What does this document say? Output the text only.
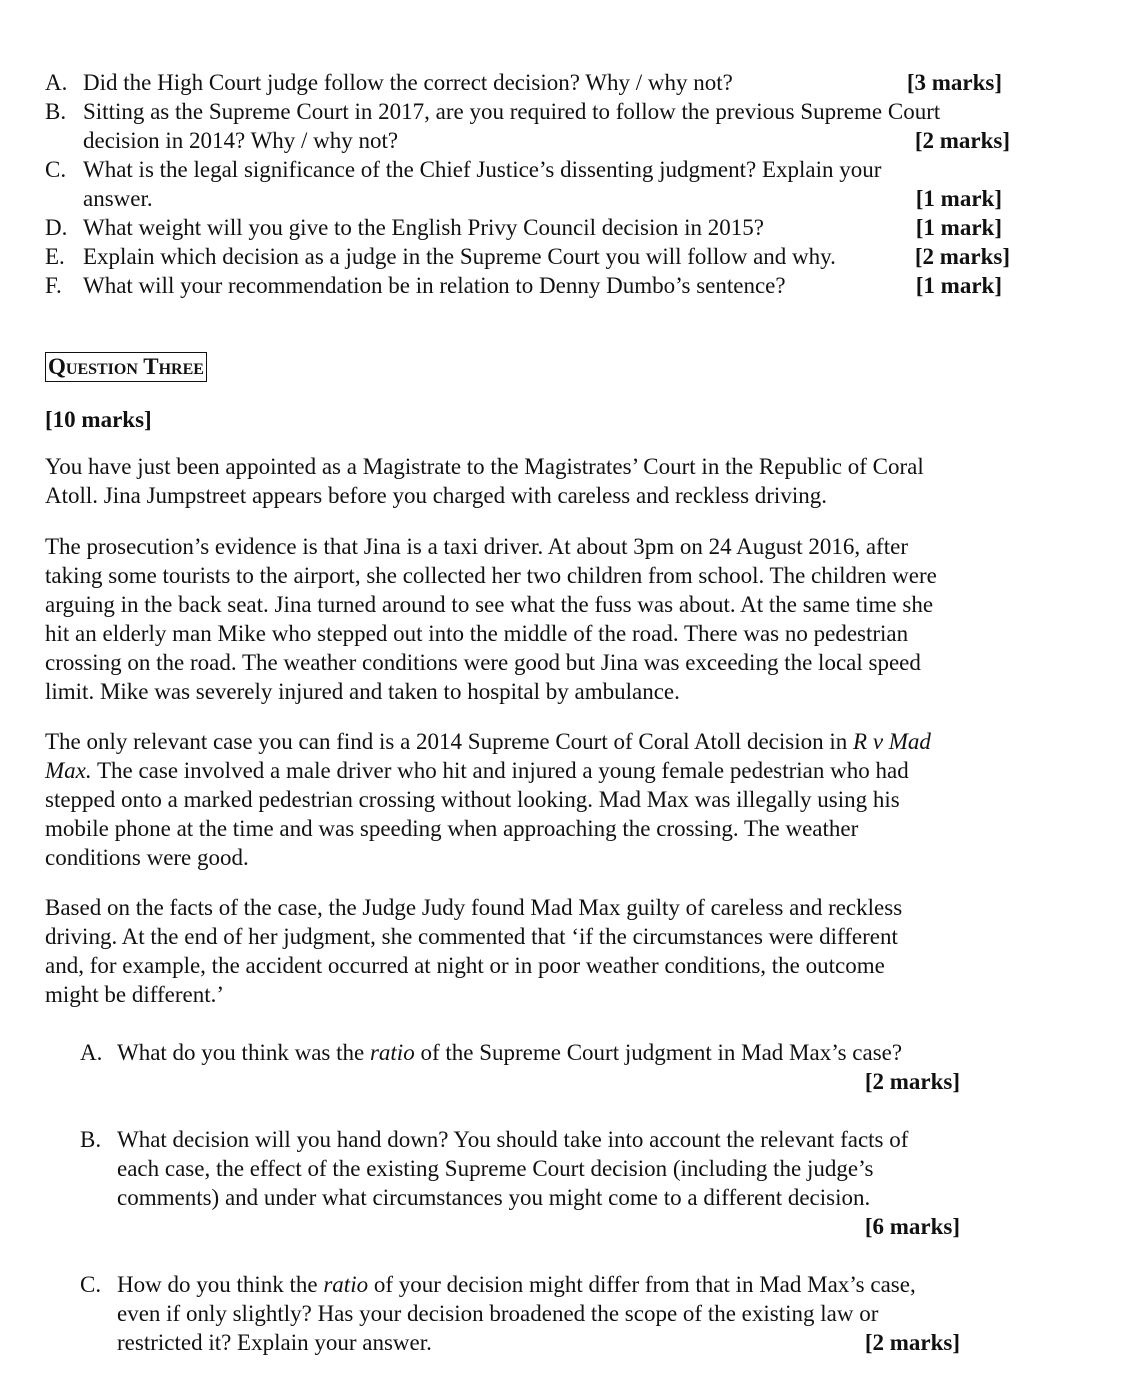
A. Did the High Court judge follow the correct decision? Why / why not?	[3 marks]
B. Sitting as the Supreme Court in 2017, are you required to follow the previous Supreme Court
decision in 2014? Why / why not?	[2 marks]
C. What is the legal significance of the Chief Justice’s dissenting judgment? Explain your
answer.	[1 mark]
D. What weight will you give to the English Privy Council decision in 2015?	[1 mark]
E. Explain which decision as a judge in the Supreme Court you will follow and why.	[2 marks]
F. What will your recommendation be in relation to Denny Dumbo’s sentence?	[1 mark]
Question Three
[10 marks]
You have just been appointed as a Magistrate to the Magistrates’ Court in the Republic of Coral
Atoll. Jina Jumpstreet appears before you charged with careless and reckless driving.
The prosecution’s evidence is that Jina is a taxi driver. At about 3pm on 24 August 2016, after
taking some tourists to the airport, she collected her two children from school. The children were
arguing in the back seat. Jina turned around to see what the fuss was about. At the same time she
hit an elderly man Mike who stepped out into the middle of the road. There was no pedestrian
crossing on the road. The weather conditions were good but Jina was exceeding the local speed
limit. Mike was severely injured and taken to hospital by ambulance.
The only relevant case you can find is a 2014 Supreme Court of Coral Atoll decision in R v Mad
Max. The case involved a male driver who hit and injured a young female pedestrian who had
stepped onto a marked pedestrian crossing without looking. Mad Max was illegally using his
mobile phone at the time and was speeding when approaching the crossing. The weather
conditions were good.
Based on the facts of the case, the Judge Judy found Mad Max guilty of careless and reckless
driving. At the end of her judgment, she commented that ‘if the circumstances were different
and, for example, the accident occurred at night or in poor weather conditions, the outcome
might be different.’
A. What do you think was the ratio of the Supreme Court judgment in Mad Max’s case?
[2 marks]
B. What decision will you hand down? You should take into account the relevant facts of
each case, the effect of the existing Supreme Court decision (including the judge’s
comments) and under what circumstances you might come to a different decision.
[6 marks]
C. How do you think the ratio of your decision might differ from that in Mad Max’s case,
even if only slightly? Has your decision broadened the scope of the existing law or
restricted it? Explain your answer.	[2 marks]
